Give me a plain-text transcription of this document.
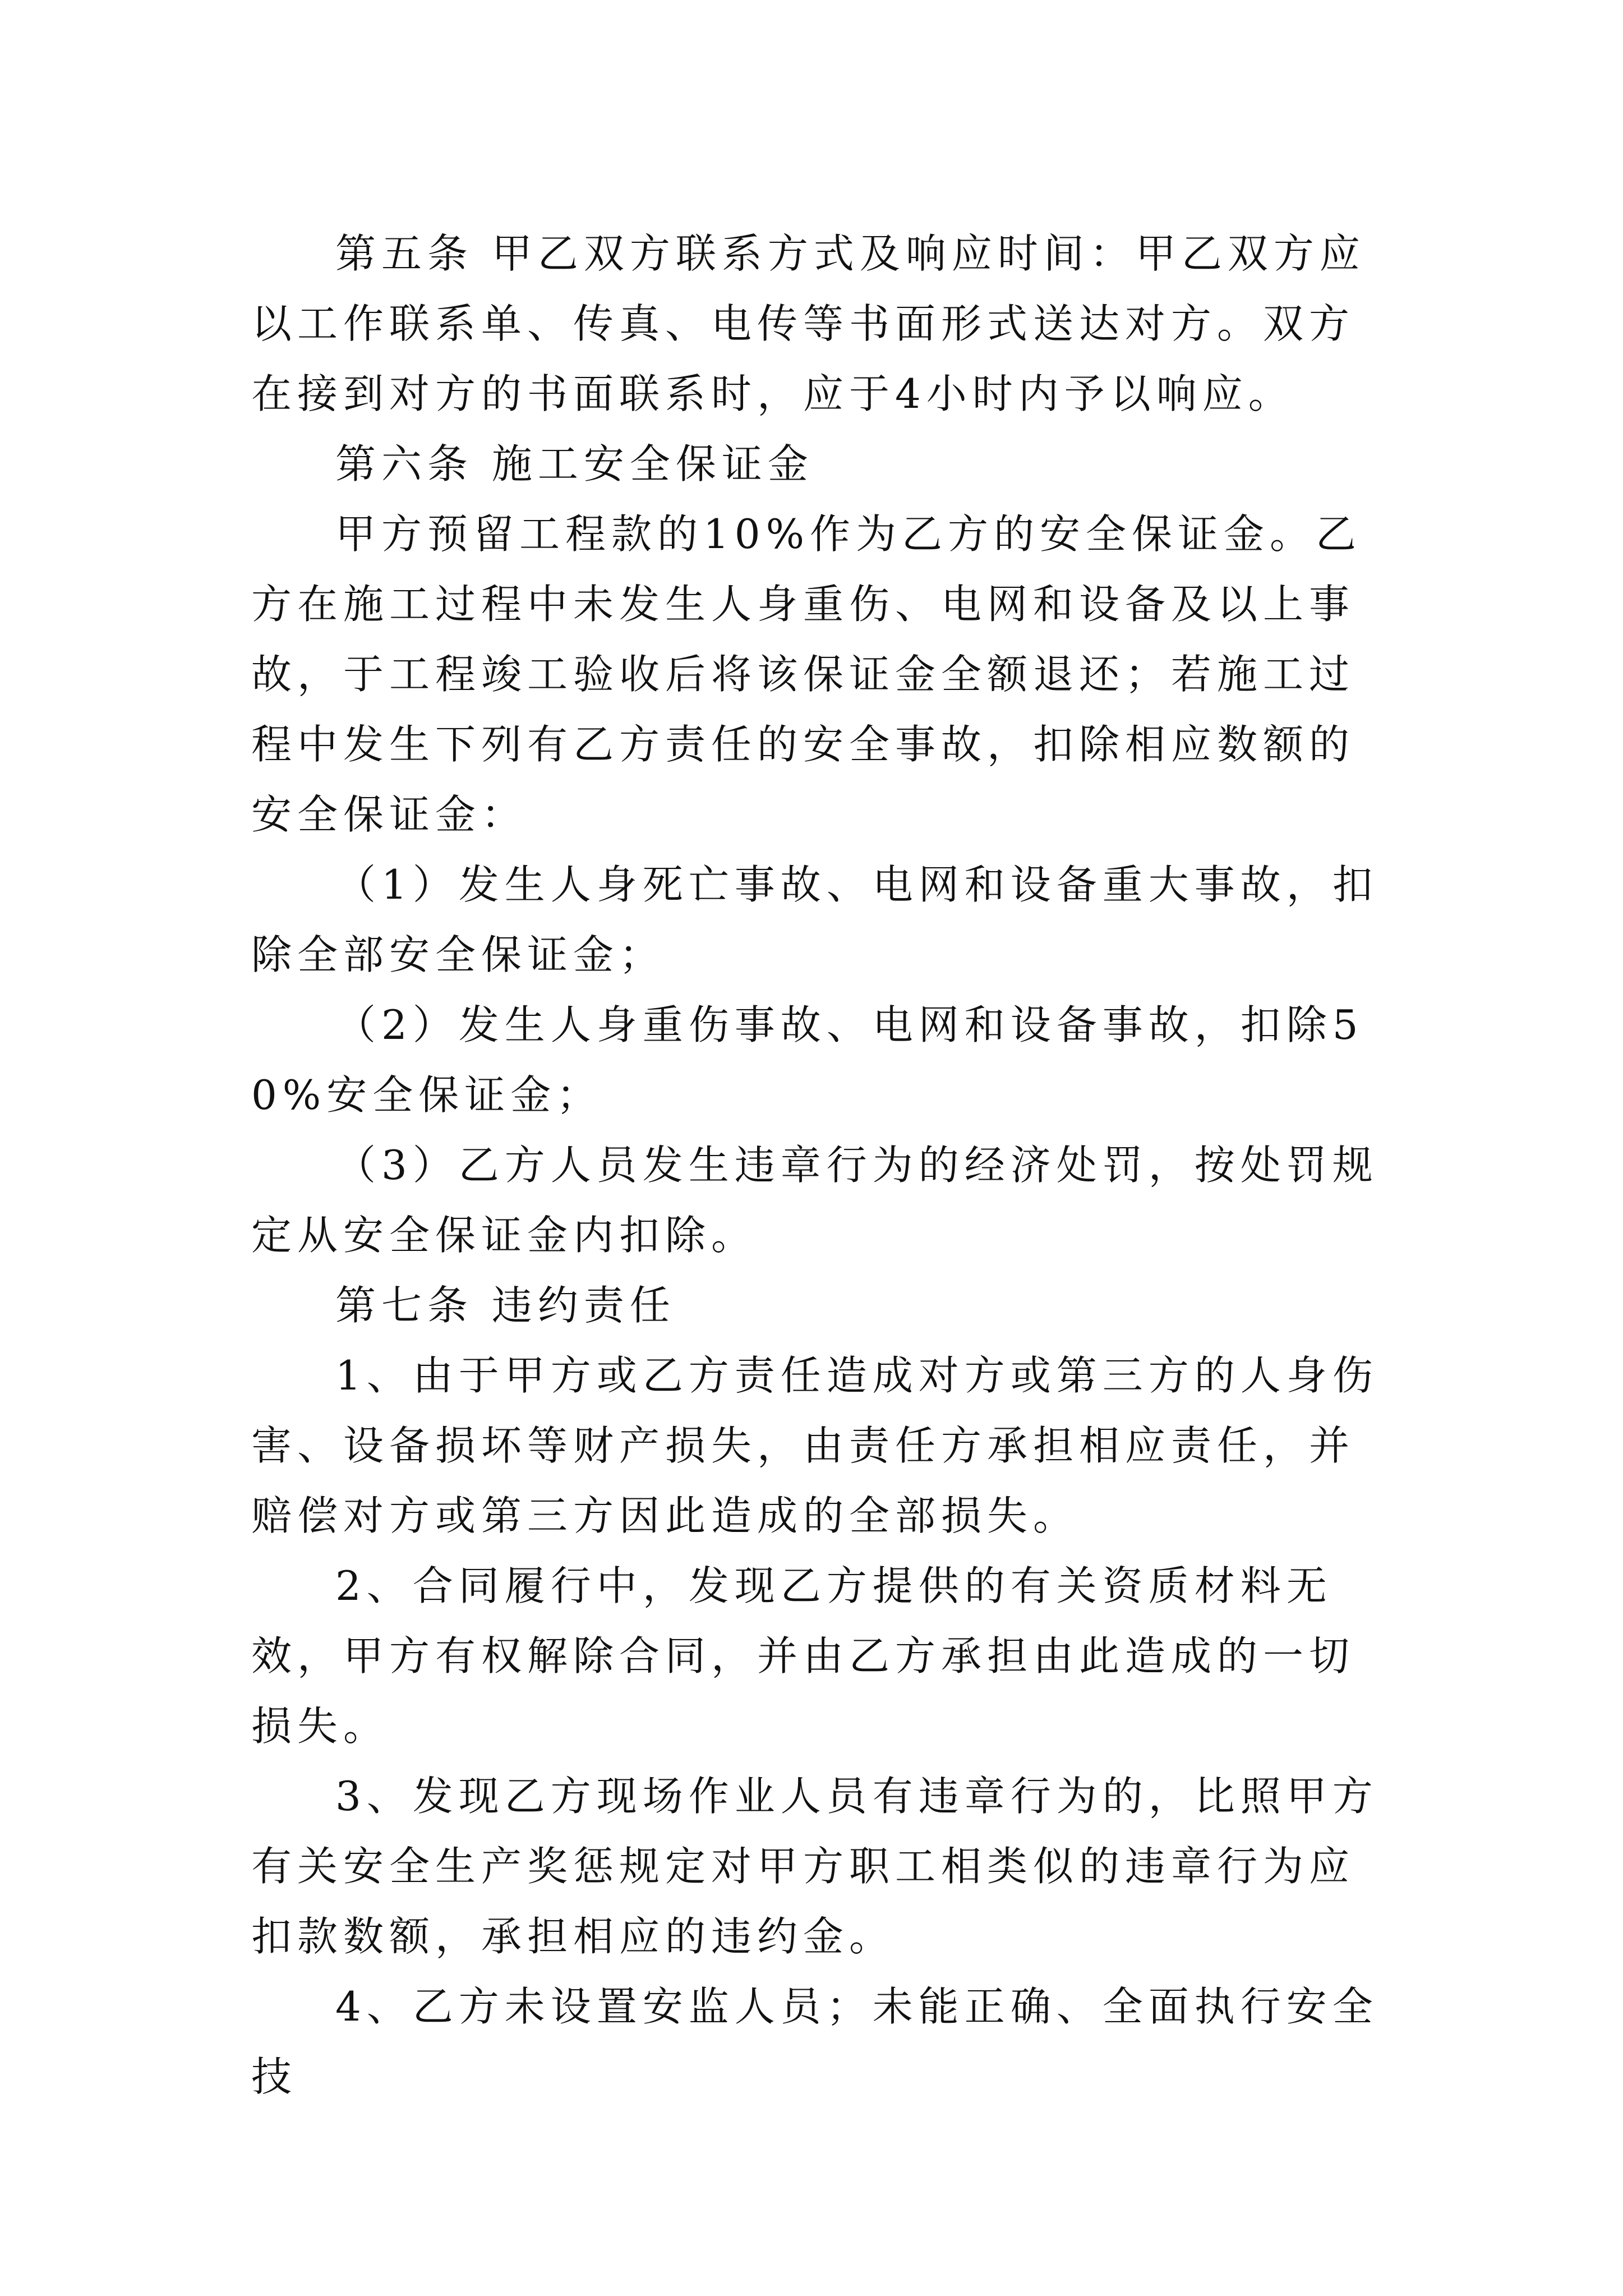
第五条 甲乙双方联系方式及响应时间：甲乙双方应以工作联系单、传真、电传等书面形式送达对方。双方在接到对方的书面联系时，应于4小时内予以响应。

第六条 施工安全保证金

甲方预留工程款的10%作为乙方的安全保证金。乙方在施工过程中未发生人身重伤、电网和设备及以上事故，于工程竣工验收后将该保证金全额退还；若施工过程中发生下列有乙方责任的安全事故，扣除相应数额的安全保证金：

（1）发生人身死亡事故、电网和设备重大事故，扣除全部安全保证金；

（2）发生人身重伤事故、电网和设备事故，扣除50%安全保证金；

（3）乙方人员发生违章行为的经济处罚，按处罚规定从安全保证金内扣除。

第七条 违约责任

1、由于甲方或乙方责任造成对方或第三方的人身伤害、设备损坏等财产损失，由责任方承担相应责任，并赔偿对方或第三方因此造成的全部损失。

2、合同履行中，发现乙方提供的有关资质材料无效，甲方有权解除合同，并由乙方承担由此造成的一切损失。

3、发现乙方现场作业人员有违章行为的，比照甲方有关安全生产奖惩规定对甲方职工相类似的违章行为应扣款数额，承担相应的违约金。

4、乙方未设置安监人员；未能正确、全面执行安全技
